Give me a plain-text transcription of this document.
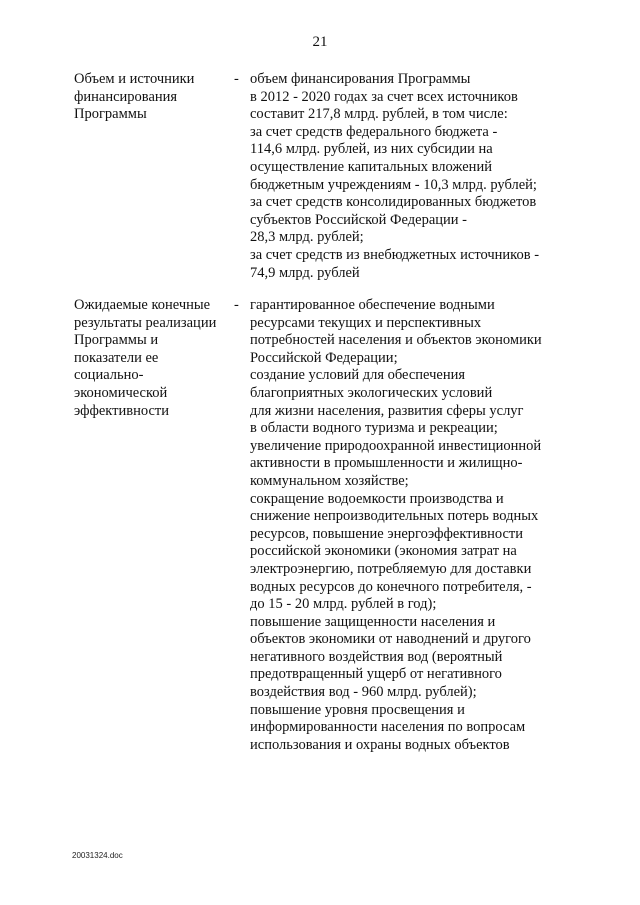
21
Объем и источники
финансирования
Программы
- объем финансирования Программы
в 2012 - 2020 годах за счет всех источников
составит 217,8 млрд. рублей, в том числе:
за счет средств федерального бюджета -
114,6 млрд. рублей, из них субсидии на
осуществление капитальных вложений
бюджетным учреждениям - 10,3 млрд. рублей;
за счет средств консолидированных бюджетов
субъектов Российской Федерации -
28,3 млрд. рублей;
за счет средств из внебюджетных источников -
74,9 млрд. рублей
Ожидаемые конечные
результаты реализации
Программы и
показатели ее
социально-
экономической
эффективности
- гарантированное обеспечение водными
ресурсами текущих и перспективных
потребностей населения и объектов экономики
Российской Федерации;
создание условий для обеспечения
благоприятных экологических условий
для жизни населения, развития сферы услуг
в области водного туризма и рекреации;
увеличение природоохранной инвестиционной
активности в промышленности и жилищно-
коммунальном хозяйстве;
сокращение водоемкости производства и
снижение непроизводительных потерь водных
ресурсов, повышение энергоэффективности
российской экономики (экономия затрат на
электроэнергию, потребляемую для доставки
водных ресурсов до конечного потребителя, -
до 15 - 20 млрд. рублей в год);
повышение защищенности населения и
объектов экономики от наводнений и другого
негативного воздействия вод (вероятный
предотвращенный ущерб от негативного
воздействия вод - 960 млрд. рублей);
повышение уровня просвещения и
информированности населения по вопросам
использования и охраны водных объектов
20031324.doc
